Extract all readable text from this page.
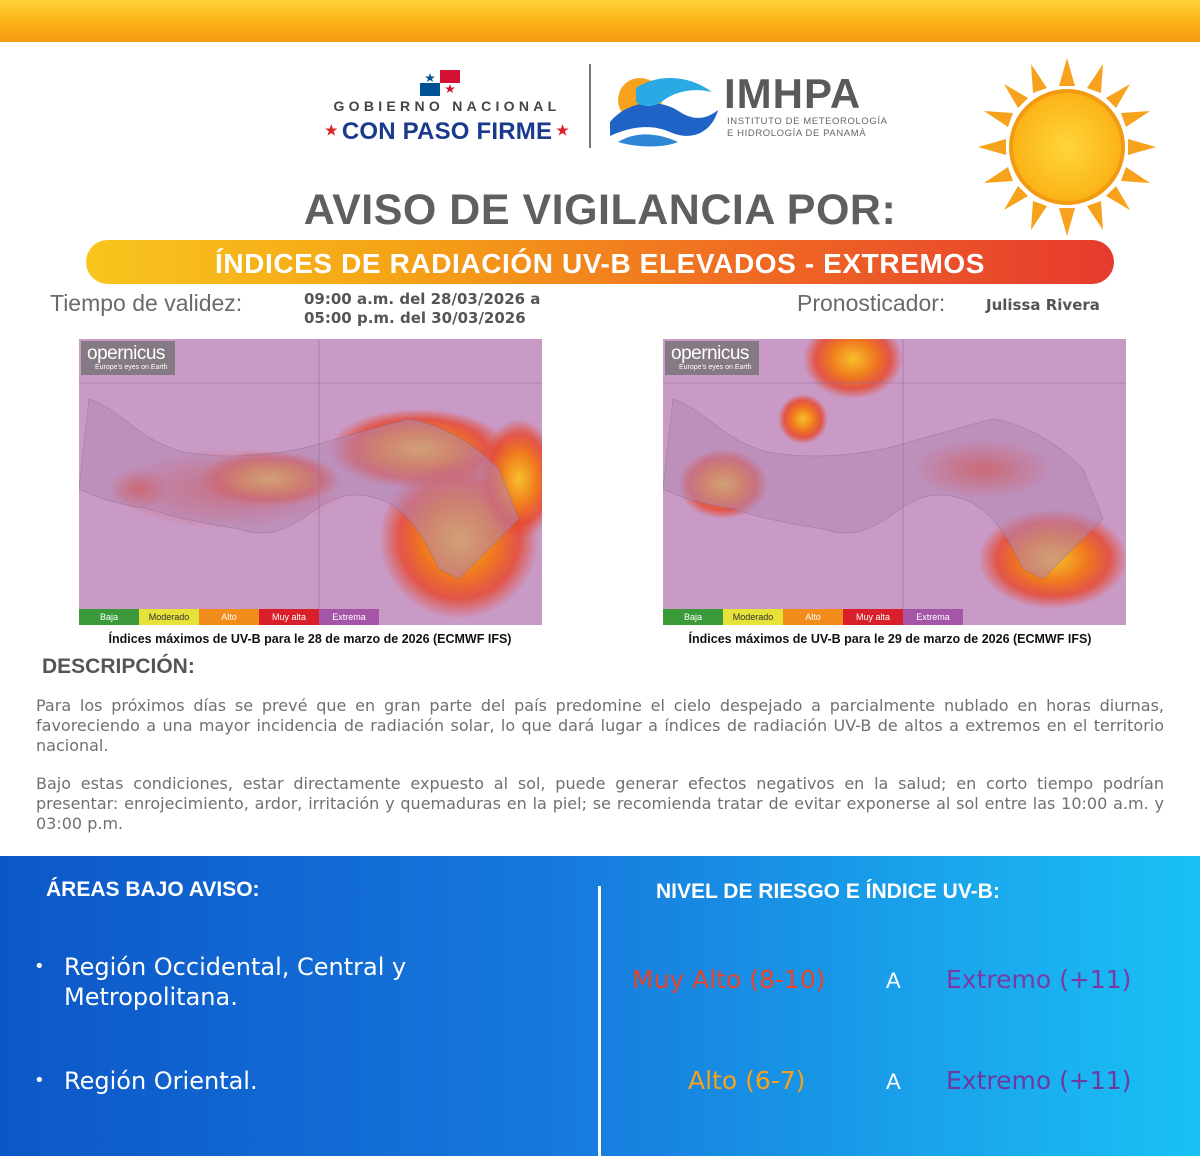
GOBIERNO NACIONAL
★ CON PASO FIRME ★
IMHPA
INSTITUTO DE METEOROLOGÍA
E HIDROLOGÍA DE PANAMÁ
AVISO DE VIGILANCIA POR:
ÍNDICES DE RADIACIÓN UV-B ELEVADOS - EXTREMOS
Tiempo de validez:	09:00 a.m. del 28/03/2026 a
05:00 p.m. del 30/03/2026
Pronosticador:	Julissa Rivera
opernicus
Europe's eyes on Earth
Baja	Moderado	Alto	Muy alta	Extrema
Índices máximos de UV-B para le 28 de marzo de 2026 (ECMWF IFS)
opernicus
Europe's eyes on Earth
Baja	Moderado	Alto	Muy alta	Extrema
Índices máximos de UV-B para le 29 de marzo de 2026 (ECMWF IFS)
DESCRIPCIÓN:
Para los próximos días se prevé que en gran parte del país predomine el cielo despejado a parcialmente nublado en horas diurnas, favoreciendo a una mayor incidencia de radiación solar, lo que dará lugar a índices de radiación UV-B de altos a extremos en el territorio nacional.
Bajo estas condiciones, estar directamente expuesto al sol, puede generar efectos negativos en la salud; en corto tiempo podrían presentar: enrojecimiento, ardor, irritación y quemaduras en la piel; se recomienda tratar de evitar exponerse al sol entre las 10:00 a.m. y 03:00 p.m.
ÁREAS BAJO AVISO:
• Región Occidental, Central y Metropolitana.
• Región Oriental.
NIVEL DE RIESGO E ÍNDICE UV-B:
Muy Alto (8-10)	A Extremo (+11)
Alto (6-7)	A Extremo (+11)
